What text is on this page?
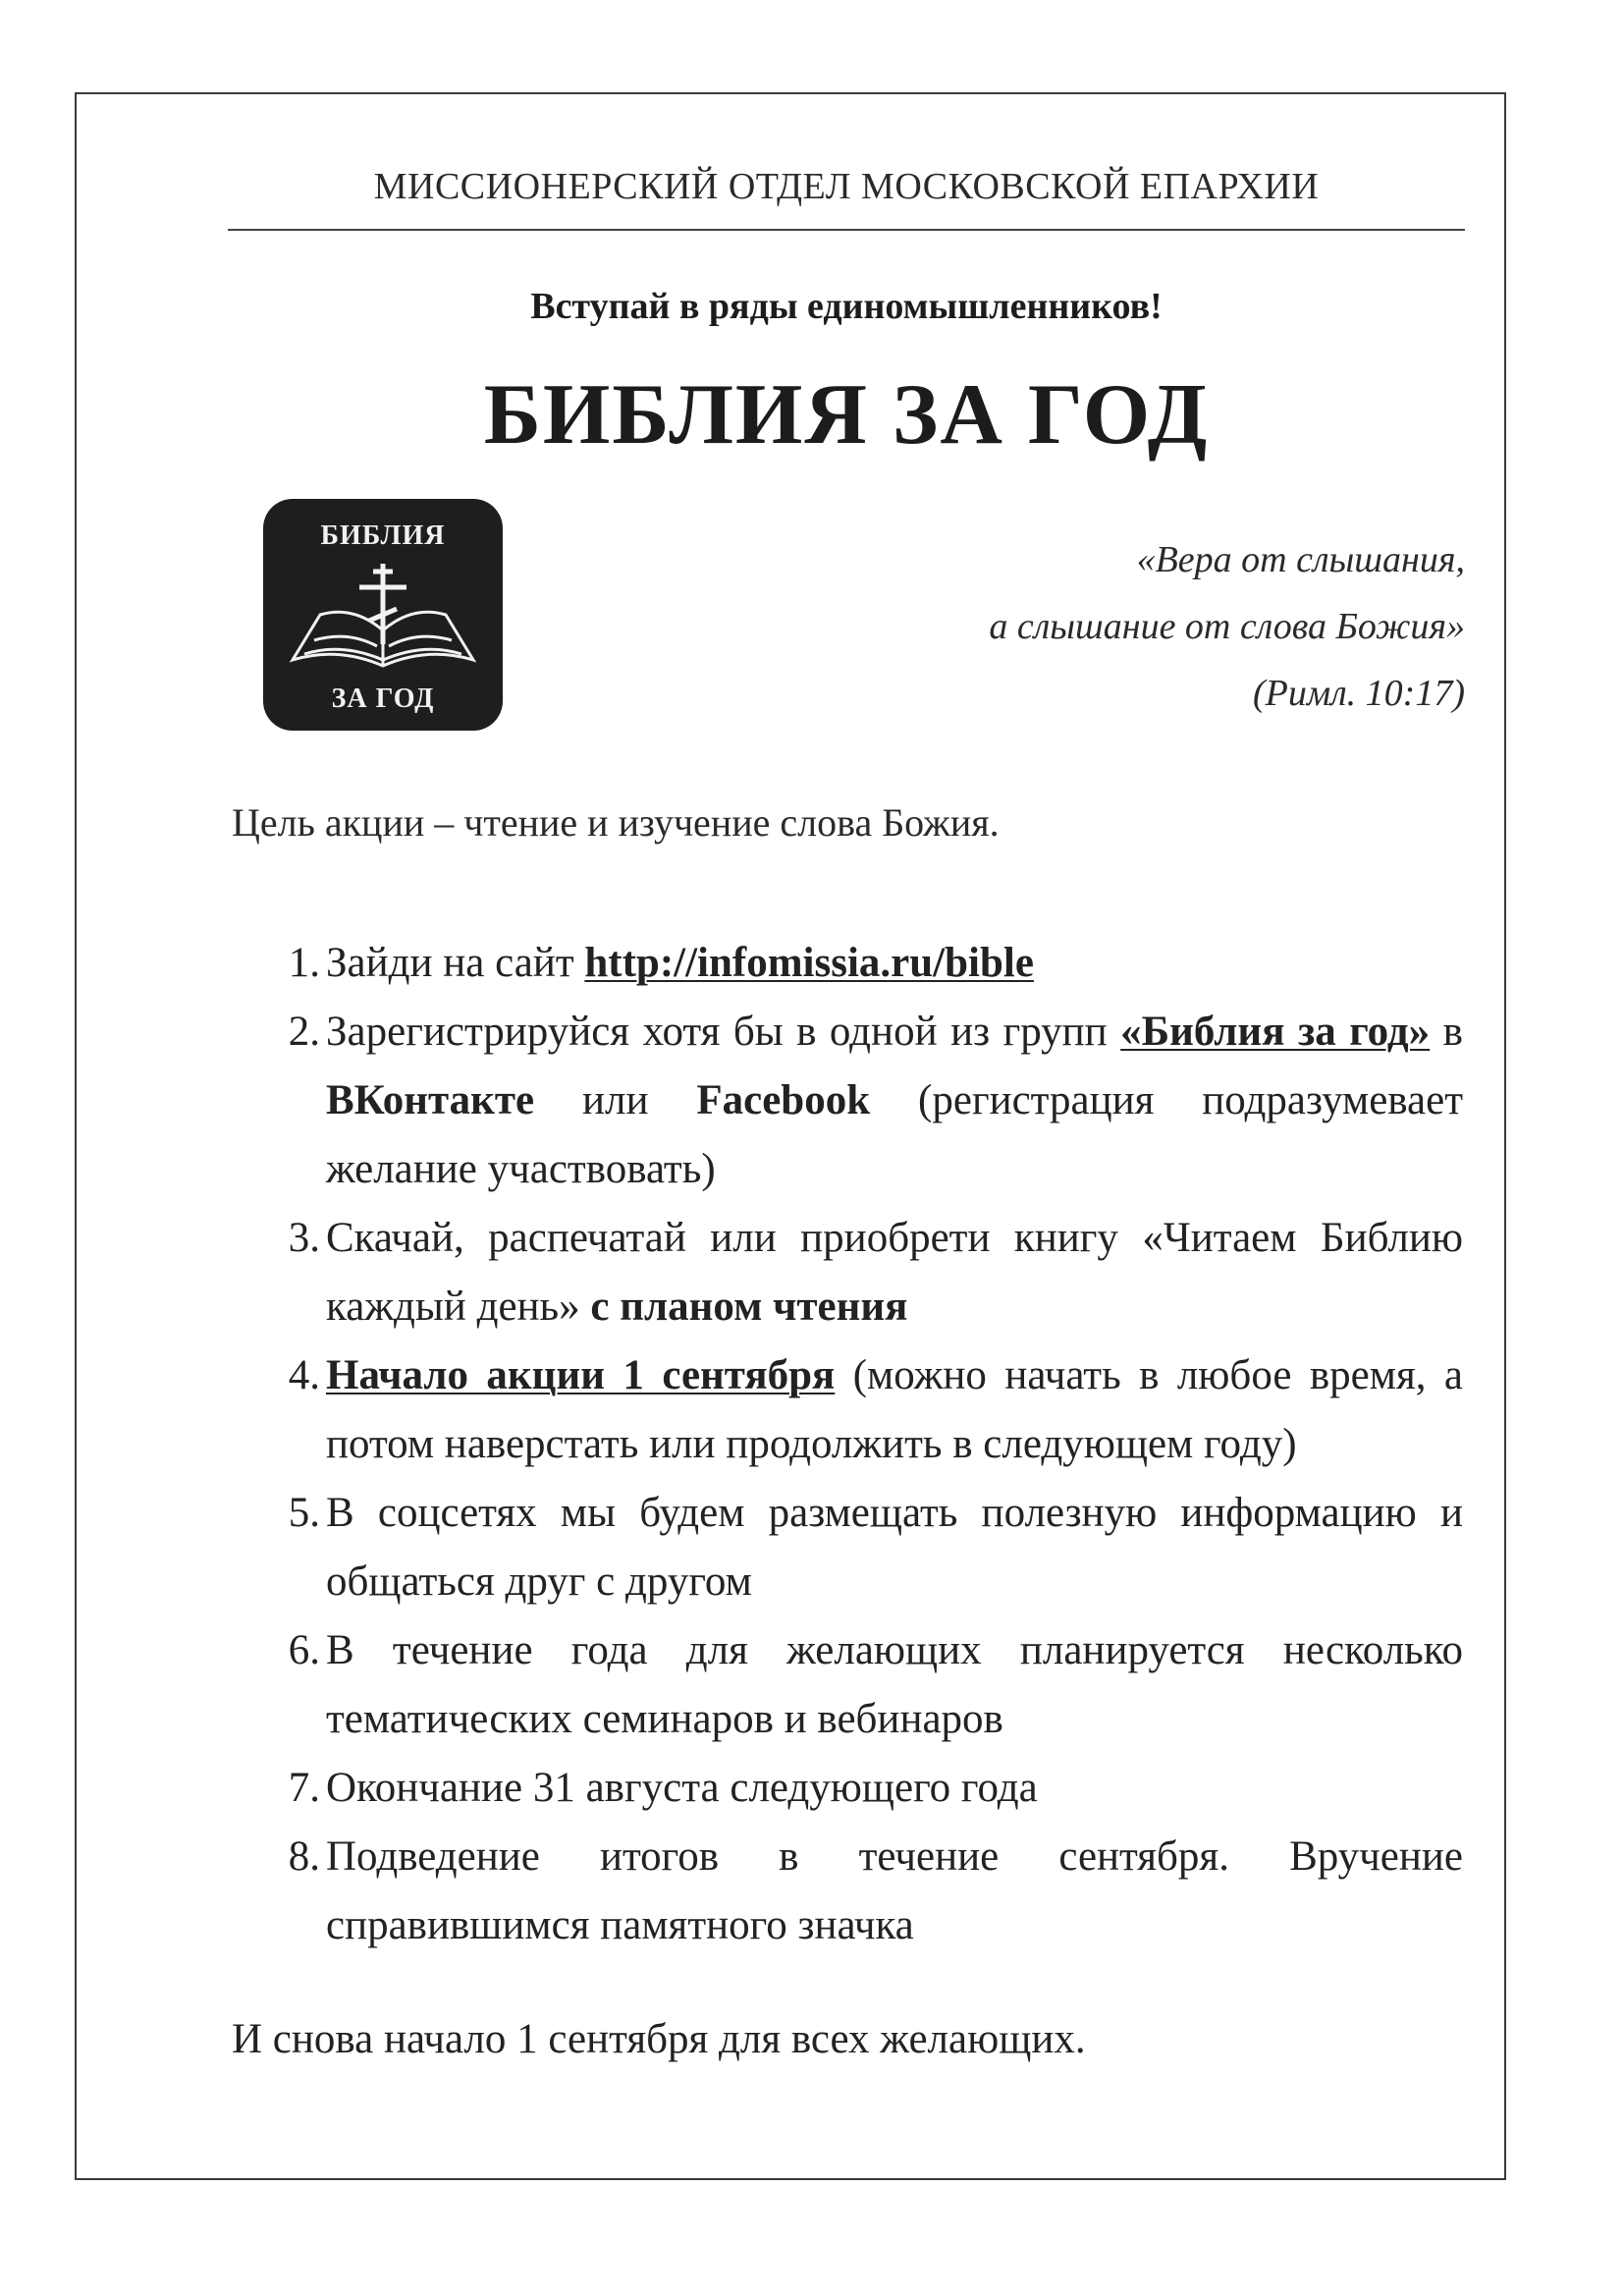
МИССИОНЕРСКИЙ ОТДЕЛ МОСКОВСКОЙ ЕПАРХИИ
Вступай в ряды единомышленников!
БИБЛИЯ ЗА ГОД
БИБЛИЯ
ЗА ГОД
«Вера от слышания,
а слышание от слова Божия»
(Римл. 10:17)
Цель акции – чтение и изучение слова Божия.
1. Зайди на сайт http://infomissia.ru/bible
2. Зарегистрируйся хотя бы в одной из групп «Библия за год» в ВКонтакте или Facebook (регистрация подразумевает желание участвовать)
3. Скачай, распечатай или приобрети книгу «Читаем Библию каждый день» с планом чтения
4. Начало акции 1 сентября (можно начать в любое время, а потом наверстать или продолжить в следующем году)
5. В соцсетях мы будем размещать полезную информацию и общаться друг с другом
6. В течение года для желающих планируется несколько тематических семинаров и вебинаров
7. Окончание 31 августа следующего года
8. Подведение итогов в течение сентября. Вручение справившимся памятного значка
И снова начало 1 сентября для всех желающих.
